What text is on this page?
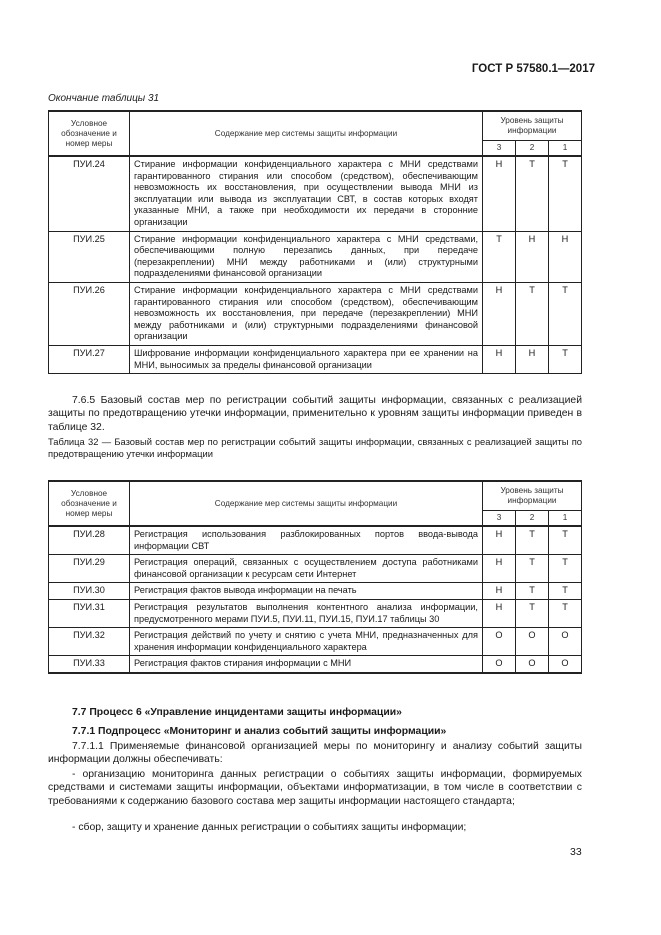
ГОСТ Р 57580.1—2017
Окончание таблицы 31
Условное обозначение и номер меры	Содержание мер системы защиты информации	Уровень защиты информации		
		3	2	1
ПУИ.24	Стирание информации конфиденциального характера с МНИ средствами гарантированного стирания или способом (средством), обеспечивающим невозможность их восстановления, при осуществлении вывода МНИ из эксплуатации или вывода из эксплуатации СВТ, в состав которых входят указанные МНИ, а также при необходимости их передачи в сторонние организации	Н	Т	Т
ПУИ.25	Стирание информации конфиденциального характера с МНИ средствами, обеспечивающими полную перезапись данных, при передаче (перезакреплении) МНИ между работниками и (или) структурными подразделениями финансовой организации	Т	Н	Н
ПУИ.26	Стирание информации конфиденциального характера с МНИ средствами гарантированного стирания или способом (средством), обеспечивающим невозможность их восстановления, при передаче (перезакреплении) МНИ между работниками и (или) структурными подразделениями финансовой организации	Н	Т	Т
ПУИ.27	Шифрование информации конфиденциального характера при ее хранении на МНИ, выносимых за пределы финансовой организации	Н	Н	Т

7.6.5 Базовый состав мер по регистрации событий защиты информации, связанных с реализацией защиты по предотвращению утечки информации, применительно к уровням защиты информации приведен в таблице 32.

Таблица 32 — Базовый состав мер по регистрации событий защиты информации, связанных с реализацией защиты по предотвращению утечки информации

Условное обозначение и номер меры	Содержание мер системы защиты информации	Уровень защиты информации		
		3	2	1
ПУИ.28	Регистрация использования разблокированных портов ввода-вывода информации СВТ	Н	Т	Т
ПУИ.29	Регистрация операций, связанных с осуществлением доступа работниками финансовой организации к ресурсам сети Интернет	Н	Т	Т
ПУИ.30	Регистрация фактов вывода информации на печать	Н	Т	Т
ПУИ.31	Регистрация результатов выполнения контентного анализа информации, предусмотренного мерами ПУИ.5, ПУИ.11, ПУИ.15, ПУИ.17 таблицы 30	Н	Т	Т
ПУИ.32	Регистрация действий по учету и снятию с учета МНИ, предназначенных для хранения информации конфиденциального характера	О	О	О
ПУИ.33	Регистрация фактов стирания информации с МНИ	О	О	О

7.7 Процесс 6 «Управление инцидентами защиты информации»

7.7.1 Подпроцесс «Мониторинг и анализ событий защиты информации»

7.7.1.1 Применяемые финансовой организацией меры по мониторингу и анализу событий защиты информации должны обеспечивать:

- организацию мониторинга данных регистрации о событиях защиты информации, формируемых средствами и системами защиты информации, объектами информатизации, в том числе в соответствии с требованиями к содержанию базового состава мер защиты информации настоящего стандарта;

- сбор, защиту и хранение данных регистрации о событиях защиты информации;

33
